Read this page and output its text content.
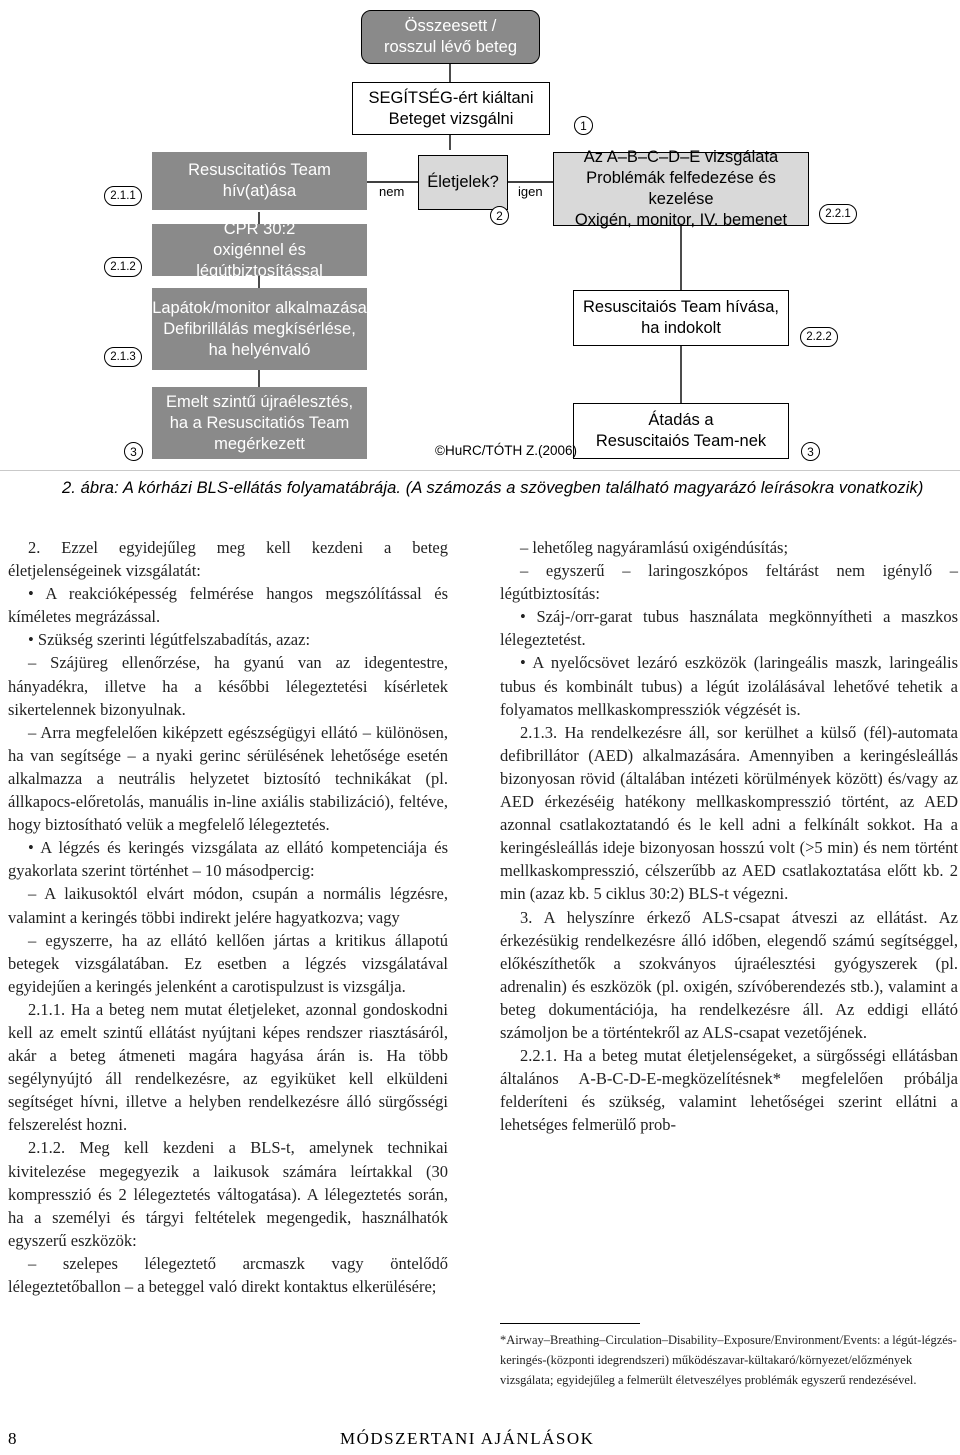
Összeesett /
rosszul lévő beteg
SEGÍTSÉG-ért kiáltani
Beteget vizsgálni	1
Életjelek?
nem	igen
2
Resuscitatiós Team
hív(at)ása
CPR 30:2
oxigénnel és légútbiztosítással
Lapátok/monitor alkalmazása
Defibrillálás megkísérlése,
ha helyénvaló
Emelt szintű újraélesztés,
ha a Resuscitatiós Team
megérkezett
Az A–B–C–D–E vizsgálata
Problémák felfedezése és kezelése
Oxigén, monitor, IV. bemenet
Resuscitaiós Team hívása,
ha indokolt
Átadás a
Resuscitaiós Team-nek
2.1.1
2.1.2
2.1.3
2.2.1
2.2.2
3	3
©HuRC/TÓTH Z.(2006)
2. ábra: A kórházi BLS-ellátás folyamatábrája. (A számozás a szövegben található magyarázó leírásokra vonatkozik)

2. Ezzel egyidejűleg meg kell kezdeni a beteg életjelenségeinek vizsgálatát:

• A reakcióképesség felmérése hangos megszólítással és kíméletes megrázással.

• Szükség szerinti légútfelszabadítás, azaz:

– Szájüreg ellenőrzése, ha gyanú van az idegentestre, hányadékra, illetve ha a későbbi lélegeztetési kísérletek sikertelennek bizonyulnak.

– Arra megfelelően kiképzett egészségügyi ellátó – különösen, ha van segítsége – a nyaki gerinc sérülésének lehetősége esetén alkalmazza a neutrális helyzetet biztosító technikákat (pl. állkapocs-előretolás, manuális in-line axiális stabilizáció), feltéve, hogy biztosítható velük a megfelelő lélegeztetés.

• A légzés és keringés vizsgálata az ellátó kompetenciája és gyakorlata szerint történhet – 10 másodpercig:

– A laikusoktól elvárt módon, csupán a normális légzésre, valamint a keringés többi indirekt jelére hagyatkozva; vagy

– egyszerre, ha az ellátó kellően jártas a kritikus állapotú betegek vizsgálatában. Ez esetben a légzés vizsgálatával egyidejűen a keringés jelenként a carotispulzust is vizsgálja.

2.1.1. Ha a beteg nem mutat életjeleket, azonnal gondoskodni kell az emelt szintű ellátást nyújtani képes rendszer riasztásáról, akár a beteg átmeneti magára hagyása árán is. Ha több segélynyújtó áll rendelkezésre, az egyiküket kell elküldeni segítséget hívni, illetve a helyben rendelkezésre álló sürgősségi felszerelést hozni.

2.1.2. Meg kell kezdeni a BLS-t, amelynek technikai kivitelezése megegyezik a laikusok számára leírtakkal (30 kompresszió és 2 lélegeztetés váltogatása). A lélegeztetés során, ha a személyi és tárgyi feltételek megengedik, használhatók egyszerű eszközök:

– szelepes lélegeztető arcmaszk vagy öntelődő lélegeztetőballon – a beteggel való direkt kontaktus elkerülésére;

– lehetőleg nagyáramlású oxigéndúsítás;

– egyszerű – laringoszkópos feltárást nem igénylő – légútbiztosítás:

• Száj-/orr-garat tubus használata megkönnyítheti a maszkos lélegeztetést.

• A nyelőcsövet lezáró eszközök (laringeális maszk, laringeális tubus és kombinált tubus) a légút izolálásával lehetővé tehetik a folyamatos mellkaskompressziók végzését is.

2.1.3. Ha rendelkezésre áll, sor kerülhet a külső (fél)-automata defibrillátor (AED) alkalmazására. Amennyiben a keringésleállás bizonyosan rövid (általában intézeti körülmények között) és/vagy az AED érkezéséig hatékony mellkaskompresszió történt, az AED azonnal csatlakoztatandó és le kell adni a felkínált sokkot. Ha a keringésleállás ideje bizonyosan hosszú volt (>5 min) és nem történt mellkaskompresszió, célszerűbb az AED csatlakoztatása előtt kb. 2 min (azaz kb. 5 ciklus 30:2) BLS-t végezni.

3. A helyszínre érkező ALS-csapat átveszi az ellátást. Az érkezésükig rendelkezésre álló időben, elegendő számú segítséggel, előkészíthetők a szokványos újraélesztési gyógyszerek (pl. adrenalin) és eszközök (pl. oxigén, szívóberendezés stb.), valamint a beteg dokumentációja, ha rendelkezésre áll. Az eddigi ellátó számoljon be a történtekről az ALS-csapat vezetőjének.

2.2.1. Ha a beteg mutat életjelenségeket, a sürgősségi ellátásban általános A-B-C-D-E-megközelítésnek* megfelelően próbálja felderíteni és szükség, valamint lehetőségei szerint ellátni a lehetséges felmerülő prob-

*Airway–Breathing–Circulation–Disability–Exposure/Environment/Events: a légút-légzés-keringés-(központi idegrendszeri) működészavar-kültakaró/környezet/előzmények vizsgálata; egyidejűleg a felmerült életveszélyes problémák egyszerű rendezésével.
8	MÓDSZERTANI AJÁNLÁSOK
